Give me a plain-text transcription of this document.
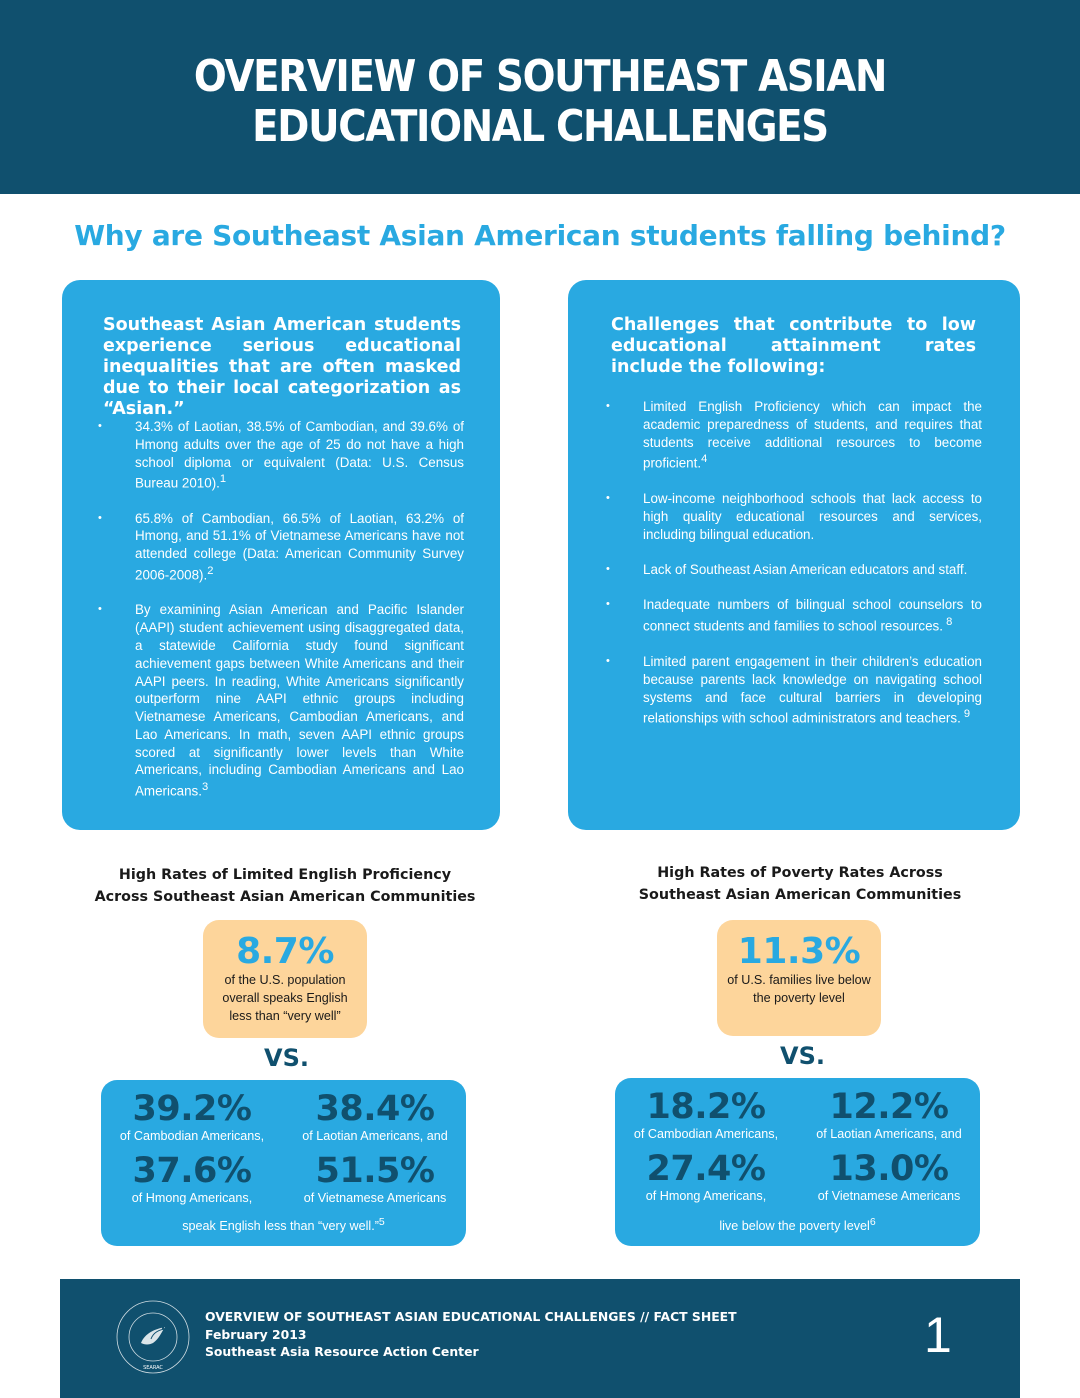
OVERVIEW OF SOUTHEAST ASIAN
EDUCATIONAL CHALLENGES
Why are Southeast Asian American students falling behind?
Southeast Asian American students experience serious educational inequalities that are often masked due to their local categorization as “Asian.”
• 34.3% of Laotian, 38.5% of Cambodian, and 39.6% of Hmong adults over the age of 25 do not have a high school diploma or equivalent (Data: U.S. Census Bureau 2010).$^1$
• 65.8% of Cambodian, 66.5% of Laotian, 63.2% of Hmong, and 51.1% of Vietnamese Americans have not attended college (Data: American Community Survey 2006-2008).$^2$
• By examining Asian American and Pacific Islander (AAPI) student achievement using disaggregated data, a statewide California study found significant achievement gaps between White Americans and their AAPI peers. In reading, White Americans significantly outperform nine AAPI ethnic groups including Vietnamese Americans, Cambodian Americans, and Lao Americans. In math, seven AAPI ethnic groups scored at significantly lower levels than White Americans, including Cambodian Americans and Lao Americans.$^3$
Challenges that contribute to low educational attainment rates include the following:
• Limited English Proficiency which can impact the academic preparedness of students, and requires that students receive additional resources to become proficient.$^4$
• Low-income neighborhood schools that lack access to high quality educational resources and services, including bilingual education.
• Lack of Southeast Asian American educators and staff.
• Inadequate numbers of bilingual school counselors to connect students and families to school resources. $^8$
• Limited parent engagement in their children’s education because parents lack knowledge on navigating school systems and face cultural barriers in developing relationships with school administrators and teachers. $^9$
High Rates of Limited English Proficiency
Across Southeast Asian American Communities
8.7%
of the U.S. population overall speaks English less than “very well”
VS.
39.2%
of Cambodian Americans,
38.4%
of Laotian Americans, and
37.6%
of Hmong Americans,
51.5%
of Vietnamese Americans
speak English less than “very well.”$^5$
High Rates of Poverty Rates Across
Southeast Asian American Communities
11.3%
of U.S. families live below the poverty level
VS.
18.2%
of Cambodian Americans,
12.2%
of Laotian Americans, and
27.4%
of Hmong Americans,
13.0%
of Vietnamese Americans
live below the poverty level$^6$
SEARAC
OVERVIEW OF SOUTHEAST ASIAN EDUCATIONAL CHALLENGES // FACT SHEET
February 2013
Southeast Asia Resource Action Center	1
